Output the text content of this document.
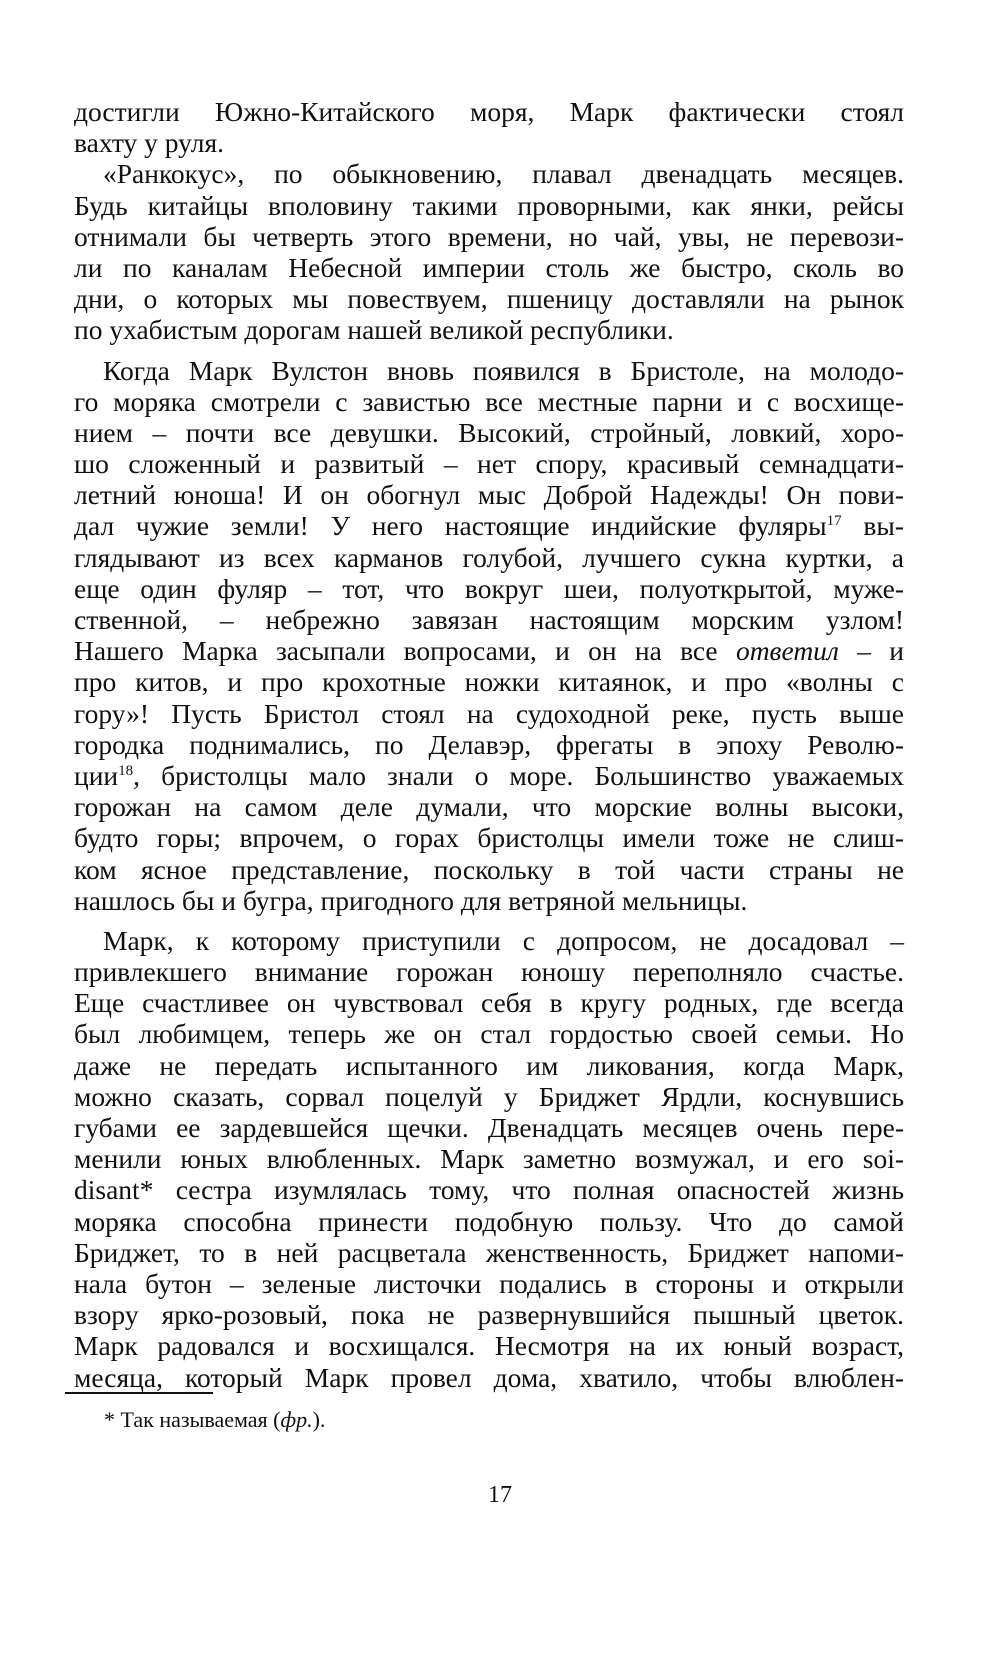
достигли Южно-Китайского моря, Марк фактически стоял
вахту у руля.
«Ранкокус», по обыкновению, плавал двенадцать месяцев.
Будь китайцы вполовину такими проворными, как янки, рейсы
отнимали бы четверть этого времени, но чай, увы, не перевози-
ли по каналам Небесной империи столь же быстро, сколь во
дни, о которых мы повествуем, пшеницу доставляли на рынок
по ухабистым дорогам нашей великой республики.
Когда Марк Вулстон вновь появился в Бристоле, на молодо-
го моряка смотрели с завистью все местные парни и с восхище-
нием – почти все девушки. Высокий, стройный, ловкий, хоро-
шо сложенный и развитый – нет спору, красивый семнадцати-
летний юноша! И он обогнул мыс Доброй Надежды! Он пови-
дал чужие земли! У него настоящие индийские фуляры$^{17}$ вы-
глядывают из всех карманов голубой, лучшего сукна куртки, а
еще один фуляр – тот, что вокруг шеи, полуоткрытой, муже-
ственной, – небрежно завязан настоящим морским узлом!
Нашего Марка засыпали вопросами, и он на все ответил – и
про китов, и про крохотные ножки китаянок, и про «волны с
гору»! Пусть Бристол стоял на судоходной реке, пусть выше
городка поднимались, по Делавэр, фрегаты в эпоху Револю-
ции$^{18}$, бристолцы мало знали о море. Большинство уважаемых
горожан на самом деле думали, что морские волны высоки,
будто горы; впрочем, о горах бристолцы имели тоже не слиш-
ком ясное представление, поскольку в той части страны не
нашлось бы и бугра, пригодного для ветряной мельницы.
Марк, к которому приступили с допросом, не досадовал –
привлекшего внимание горожан юношу переполняло счастье.
Еще счастливее он чувствовал себя в кругу родных, где всегда
был любимцем, теперь же он стал гордостью своей семьи. Но
даже не передать испытанного им ликования, когда Марк,
можно сказать, сорвал поцелуй у Бриджет Ярдли, коснувшись
губами ее зардевшейся щечки. Двенадцать месяцев очень пере-
менили юных влюбленных. Марк заметно возмужал, и его soi-
disant* сестра изумлялась тому, что полная опасностей жизнь
моряка способна принести подобную пользу. Что до самой
Бриджет, то в ней расцветала женственность, Бриджет напоми-
нала бутон – зеленые листочки подались в стороны и открыли
взору ярко-розовый, пока не развернувшийся пышный цветок.
Марк радовался и восхищался. Несмотря на их юный возраст,
месяца, который Марк провел дома, хватило, чтобы влюблен-
* Так называемая (фр.).
17
